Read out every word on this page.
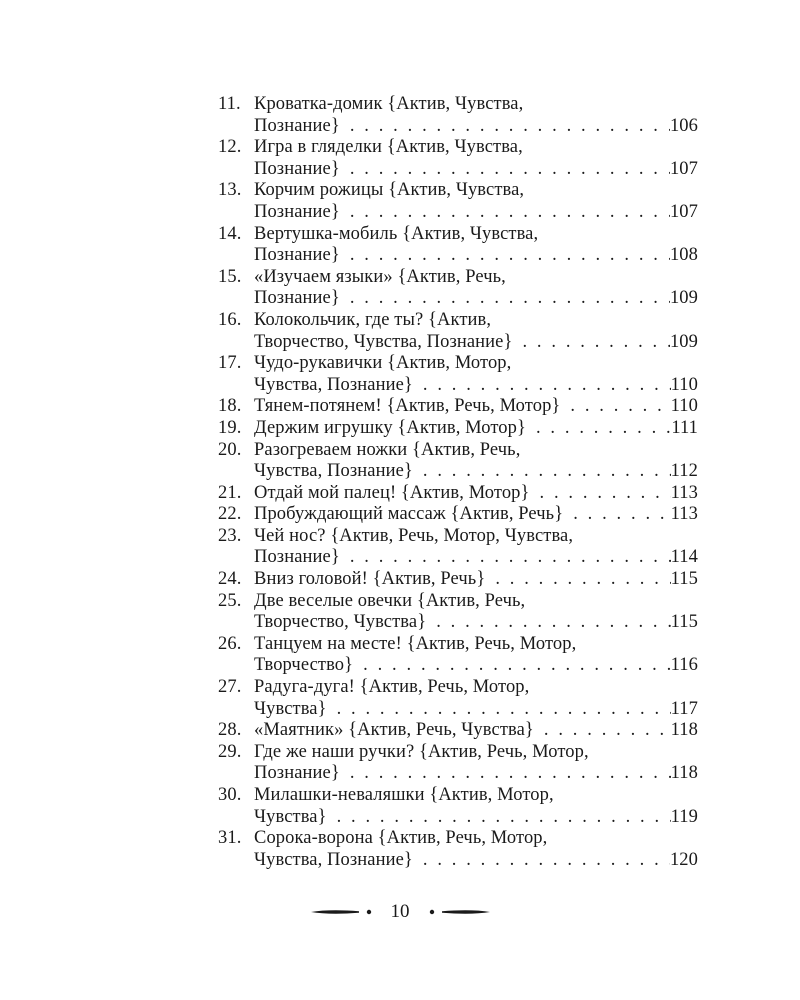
11. Кроватка-домик {Актив, Чувства,
Познание} . . .	106
12. Игра в гляделки {Актив, Чувства,
Познание} . . .	107
13. Корчим рожицы {Актив, Чувства,
Познание} . . .	107
14. Вертушка-мобиль {Актив, Чувства,
Познание} . . .	108
15. «Изучаем языки» {Актив, Речь,
Познание} . . .	109
16. Колокольчик, где ты? {Актив,
Творчество, Чувства, Познание} . . .	109
17. Чудо-рукавички {Актив, Мотор,
Чувства, Познание} . . .	110
18. Тянем-потянем! {Актив, Речь, Мотор} . . .	110
19. Держим игрушку {Актив, Мотор} . . .	111
20. Разогреваем ножки {Актив, Речь,
Чувства, Познание} . . .	112
21. Отдай мой палец! {Актив, Мотор} . . .	113
22. Пробуждающий массаж {Актив, Речь} . . .	113
23. Чей нос? {Актив, Речь, Мотор, Чувства,
Познание} . . .	114
24. Вниз головой! {Актив, Речь} . . .	115
25. Две веселые овечки {Актив, Речь,
Творчество, Чувства} . . .	115
26. Танцуем на месте! {Актив, Речь, Мотор,
Творчество} . . .	116
27. Радуга-дуга! {Актив, Речь, Мотор,
Чувства} . . .	117
28. «Маятник» {Актив, Речь, Чувства} . . .	118
29. Где же наши ручки? {Актив, Речь, Мотор,
Познание} . . .	118
30. Милашки-неваляшки {Актив, Мотор,
Чувства} . . .	119
31. Сорока-ворона {Актив, Речь, Мотор,
Чувства, Познание} . . .	120
10
